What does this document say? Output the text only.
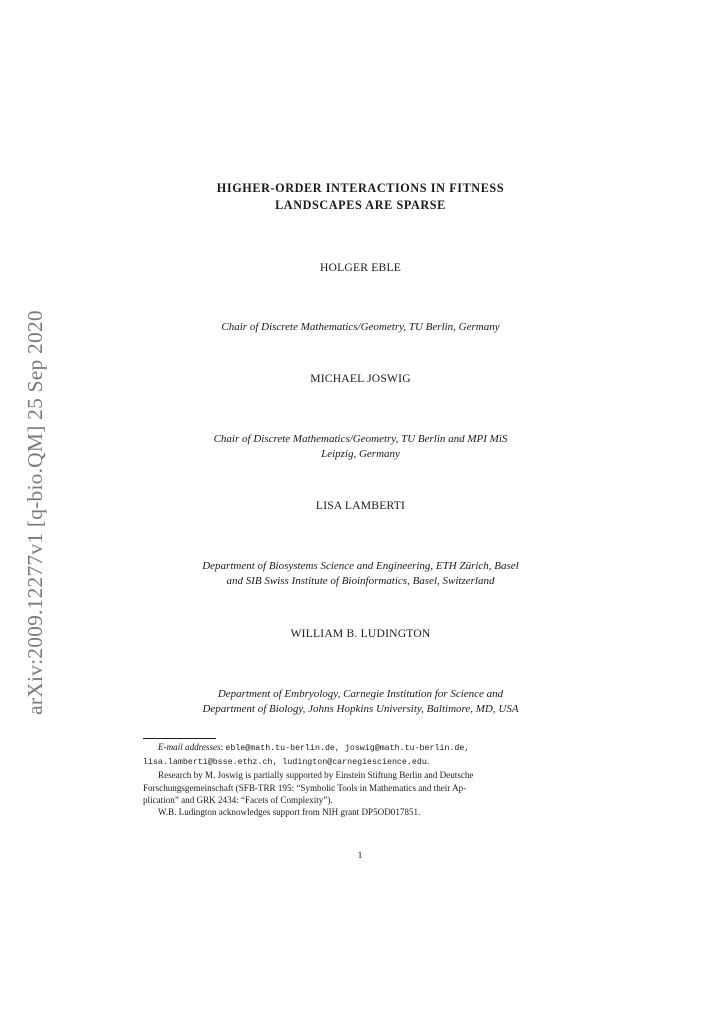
arXiv:2009.12277v1 [q-bio.QM] 25 Sep 2020
HIGHER-ORDER INTERACTIONS IN FITNESS
LANDSCAPES ARE SPARSE
HOLGER EBLE
Chair of Discrete Mathematics/Geometry, TU Berlin, Germany
MICHAEL JOSWIG
Chair of Discrete Mathematics/Geometry, TU Berlin and MPI MiS
Leipzig, Germany
LISA LAMBERTI
Department of Biosystems Science and Engineering, ETH Zürich, Basel
and SIB Swiss Institute of Bioinformatics, Basel, Switzerland
WILLIAM B. LUDINGTON
Department of Embryology, Carnegie Institution for Science and
Department of Biology, Johns Hopkins University, Baltimore, MD, USA
E-mail addresses: eble@math.tu-berlin.de, joswig@math.tu-berlin.de,
lisa.lamberti@bsse.ethz.ch, ludington@carnegiescience.edu.
Research by M. Joswig is partially supported by Einstein Stiftung Berlin and Deutsche
Forschungsgemeinschaft (SFB-TRR 195: “Symbolic Tools in Mathematics and their Ap-
plication” and GRK 2434: “Facets of Complexity”).
W.B. Ludington acknowledges support from NIH grant DP5OD017851.
1
